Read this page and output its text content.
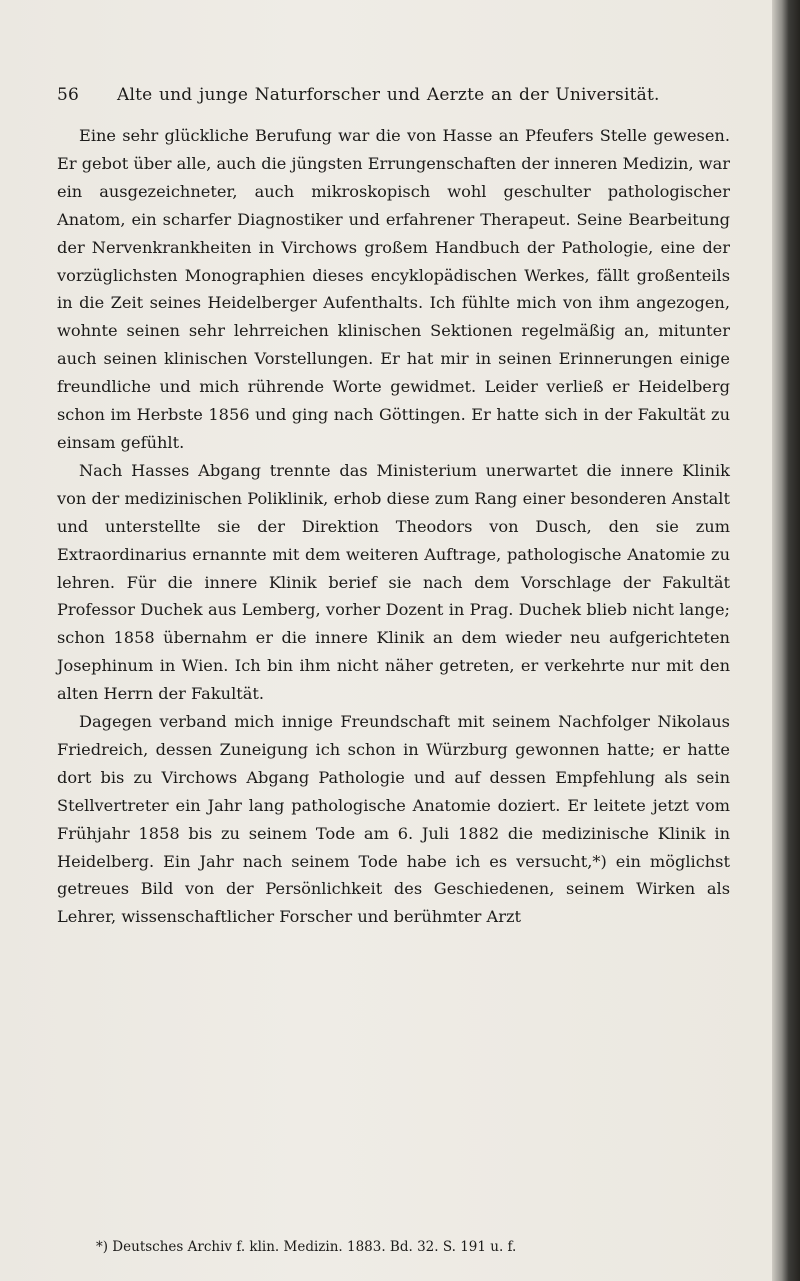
56 Alte und junge Naturforscher und Aerzte an der Universität.

Eine sehr glückliche Berufung war die von Hasse an Pfeufers Stelle gewesen. Er gebot über alle, auch die jüngsten Errungenschaften der inneren Medizin, war ein ausgezeichneter, auch mikroskopisch wohl geschulter pathologischer Anatom, ein scharfer Diagnostiker und erfahrener Therapeut. Seine Bearbeitung der Nervenkrankheiten in Virchows großem Handbuch der Pathologie, eine der vorzüglichsten Monographien dieses encyklopädischen Werkes, fällt großenteils in die Zeit seines Heidelberger Aufenthalts. Ich fühlte mich von ihm angezogen, wohnte seinen sehr lehrreichen klinischen Sektionen regelmäßig an, mitunter auch seinen klinischen Vorstellungen. Er hat mir in seinen Erinnerungen einige freundliche und mich rührende Worte gewidmet. Leider verließ er Heidelberg schon im Herbste 1856 und ging nach Göttingen. Er hatte sich in der Fakultät zu einsam gefühlt.

Nach Hasses Abgang trennte das Ministerium unerwartet die innere Klinik von der medizinischen Poliklinik, erhob diese zum Rang einer besonderen Anstalt und unterstellte sie der Direktion Theodors von Dusch, den sie zum Extraordinarius ernannte mit dem weiteren Auftrage, pathologische Anatomie zu lehren. Für die innere Klinik berief sie nach dem Vorschlage der Fakultät Professor Duchek aus Lemberg, vorher Dozent in Prag. Duchek blieb nicht lange; schon 1858 übernahm er die innere Klinik an dem wieder neu aufgerichteten Josephinum in Wien. Ich bin ihm nicht näher getreten, er verkehrte nur mit den alten Herrn der Fakultät.

Dagegen verband mich innige Freundschaft mit seinem Nachfolger Nikolaus Friedreich, dessen Zuneigung ich schon in Würzburg gewonnen hatte; er hatte dort bis zu Virchows Abgang Pathologie und auf dessen Empfehlung als sein Stellvertreter ein Jahr lang pathologische Anatomie doziert. Er leitete jetzt vom Frühjahr 1858 bis zu seinem Tode am 6. Juli 1882 die medizinische Klinik in Heidelberg. Ein Jahr nach seinem Tode habe ich es versucht,*) ein möglichst getreues Bild von der Persönlichkeit des Geschiedenen, seinem Wirken als Lehrer, wissenschaftlicher Forscher und berühmter Arzt

*) Deutsches Archiv f. klin. Medizin. 1883. Bd. 32. S. 191 u. f.
